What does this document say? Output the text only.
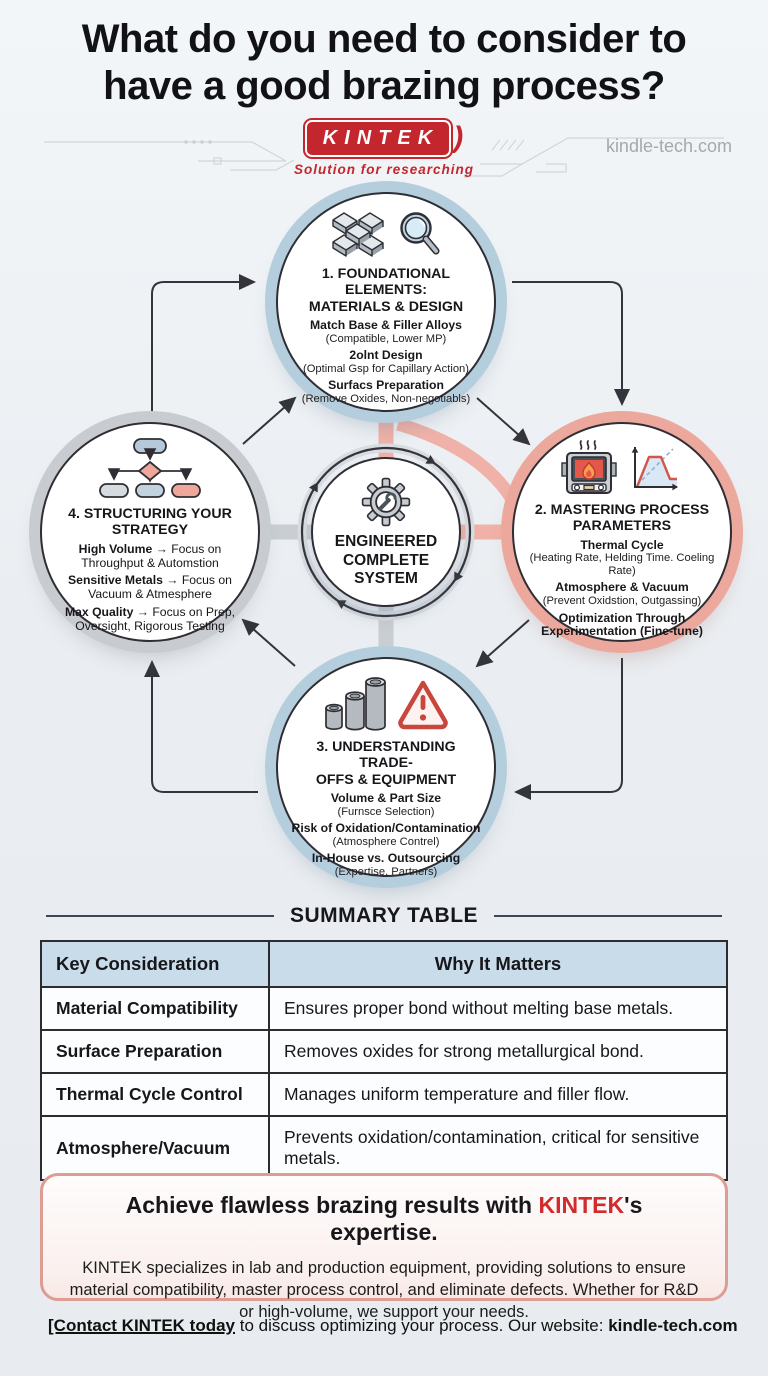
What do you need to consider to
have a good brazing process?
KINTEK )
Solution for researching
kindle-tech.com
1. FOUNDATIONAL ELEMENTS:
MATERIALS & DESIGN
Match Base & Filler Alloys
(Compatible, Lower MP)
2olnt Design
(Optimal Gsp for Capillary Action)
Surfacs Preparation
(Remove Oxides, Non-negotiabls)
2. MASTERING PROCESS
PARAMETERS
Thermal Cycle
(Heating Rate, Helding Time. Coeling Rate)
Atmosphere & Vacuum
(Prevent Oxidstion, Outgassing)
Optimization Through Experimentation (Fine-tune)
3. UNDERSTANDING TRADE-
OFFS & EQUIPMENT
Volume & Part Size
(Furnsce Selection)
Risk of Oxidation/Contamination
(Atmosphere Contrel)
In-House vs. Outsourcing
(Expertise, Partners)
4. STRUCTURING YOUR
STRATEGY
High Volume → Focus on Throughput & Automstion
Sensitive Metals → Focus on Vacuum & Atmesphere
Max Quality → Focus on Prep, Oversight, Rigorous Testing
ENGINEERED COMPLETE SYSTEM
SUMMARY TABLE
Key Consideration	Why It Matters
Material Compatibility	Ensures proper bond without melting base metals.
Surface Preparation	Removes oxides for strong metallurgical bond.
Thermal Cycle Control	Manages uniform temperature and filler flow.
Atmosphere/Vacuum	Prevents oxidation/contamination, critical for sensitive metals.
Achieve flawless brazing results with KINTEK's expertise.
KINTEK specializes in lab and production equipment, providing solutions to ensure material compatibility, master process control, and eliminate defects. Whether for R&D or high-volume, we support your needs.
[Contact KINTEK today to discuss optimizing your process. Our website: kindle-tech.com
